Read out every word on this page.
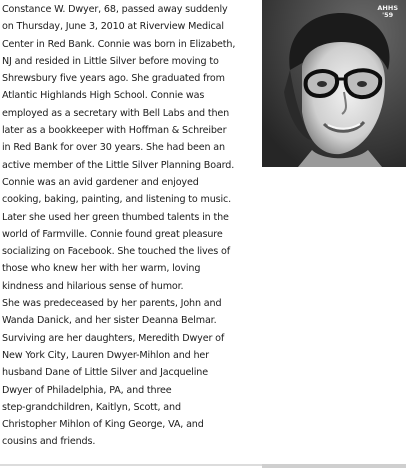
Constance W. Dwyer, 68, passed away suddenly
on Thursday, June 3, 2010 at Riverview Medical
Center in Red Bank. Connie was born in Elizabeth,
NJ and resided in Little Silver before moving to
Shrewsbury five years ago. She graduated from
Atlantic Highlands High School. Connie was
employed as a secretary with Bell Labs and then
later as a bookkeeper with Hoffman & Schreiber
in Red Bank for over 30 years. She had been an
active member of the Little Silver Planning Board.
Connie was an avid gardener and enjoyed
cooking, baking, painting, and listening to music.
Later she used her green thumbed talents in the
world of Farmville. Connie found great pleasure
socializing on Facebook. She touched the lives of
those who knew her with her warm, loving
kindness and hilarious sense of humor.
She was predeceased by her parents, John and
Wanda Danick, and her sister Deanna Belmar.
Surviving are her daughters, Meredith Dwyer of
New York City, Lauren Dwyer-Mihlon and her
husband Dane of Little Silver and Jacqueline
Dwyer of Philadelphia, PA, and three
step-grandchildren, Kaitlyn, Scott, and
Christopher Mihlon of King George, VA, and
cousins and friends.
AHHS
'59
